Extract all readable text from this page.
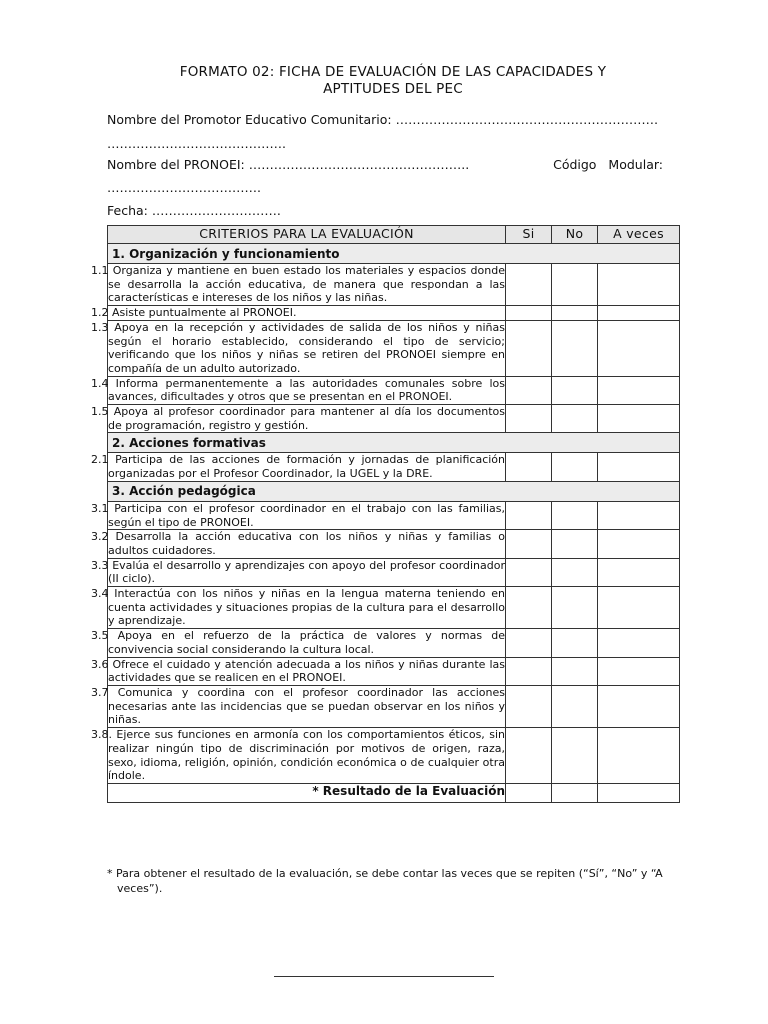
FORMATO 02: FICHA DE EVALUACIÓN DE LAS CAPACIDADES Y
APTITUDES DEL PEC
Nombre del Promotor Educativo Comunitario: ………………………………………………………
…………………………………….
Nombre del PRONOEI: ……………………………………………..	Código Modular:
……………………………….
Fecha: ………………………….
CRITERIOS PARA LA EVALUACIÓN	Si	No	A veces
1. Organización y funcionamiento			
1.1 Organiza y mantiene en buen estado los materiales y espacios donde se desarrolla la acción educativa, de manera que respondan a las características e intereses de los niños y las niñas.			
1.2 Asiste puntualmente al PRONOEI.			
1.3 Apoya en la recepción y actividades de salida de los niños y niñas según el horario establecido, considerando el tipo de servicio; verificando que los niños y niñas se retiren del PRONOEI siempre en compañía de un adulto autorizado.			
1.4 Informa permanentemente a las autoridades comunales sobre los avances, dificultades y otros que se presentan en el PRONOEI.			
1.5 Apoya al profesor coordinador para mantener al día los documentos de programación, registro y gestión.			
2. Acciones formativas			
2.1 Participa de las acciones de formación y jornadas de planificación organizadas por el Profesor Coordinador, la UGEL y la DRE.			
3. Acción pedagógica			
3.1 Participa con el profesor coordinador en el trabajo con las familias, según el tipo de PRONOEI.			
3.2 Desarrolla la acción educativa con los niños y niñas y familias o adultos cuidadores.			
3.3 Evalúa el desarrollo y aprendizajes con apoyo del profesor coordinador (II ciclo).			
3.4 Interactúa con los niños y niñas en la lengua materna teniendo en cuenta actividades y situaciones propias de la cultura para el desarrollo y aprendizaje.			
3.5 Apoya en el refuerzo de la práctica de valores y normas de convivencia social considerando la cultura local.			
3.6 Ofrece el cuidado y atención adecuada a los niños y niñas durante las actividades que se realicen en el PRONOEI.			
3.7 Comunica y coordina con el profesor coordinador las acciones necesarias ante las incidencias que se puedan observar en los niños y niñas.			
3.8. Ejerce sus funciones en armonía con los comportamientos éticos, sin realizar ningún tipo de discriminación por motivos de origen, raza, sexo, idioma, religión, opinión, condición económica o de cualquier otra índole.			
* Resultado de la Evaluación			
* Para obtener el resultado de la evaluación, se debe contar las veces que se repiten (“Sí”, “No” y “A veces”).
